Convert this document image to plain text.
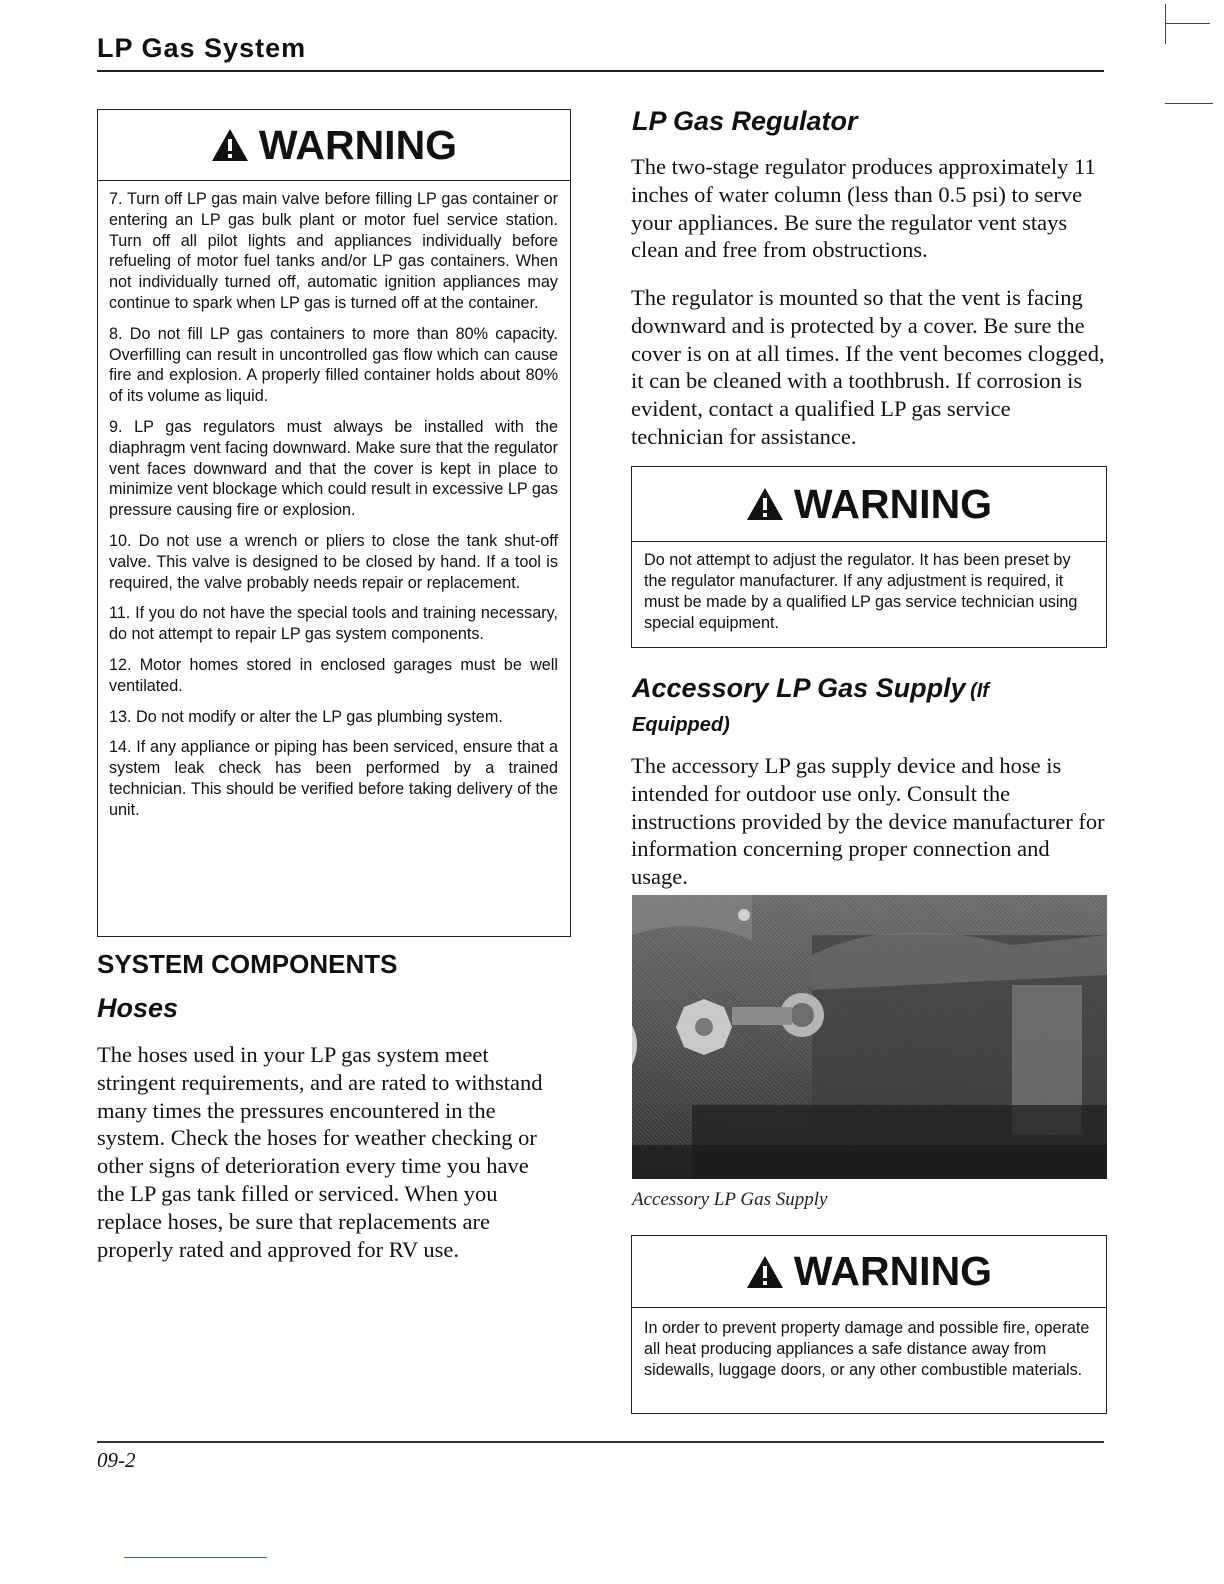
LP Gas System
WARNING

7. Turn off LP gas main valve before filling LP gas container or entering an LP gas bulk plant or motor fuel service station. Turn off all pilot lights and appliances individually before refueling of motor fuel tanks and/or LP gas containers. When not individually turned off, automatic ignition appliances may continue to spark when LP gas is turned off at the container.

8. Do not fill LP gas containers to more than 80% capacity. Overfilling can result in uncontrolled gas flow which can cause fire and explosion. A properly filled container holds about 80% of its volume as liquid.

9. LP gas regulators must always be installed with the diaphragm vent facing downward. Make sure that the regulator vent faces downward and that the cover is kept in place to minimize vent blockage which could result in excessive LP gas pressure causing fire or explosion.

10. Do not use a wrench or pliers to close the tank shut-off valve. This valve is designed to be closed by hand. If a tool is required, the valve probably needs repair or replacement.

11. If you do not have the special tools and training necessary, do not attempt to repair LP gas system components.

12. Motor homes stored in enclosed garages must be well ventilated.

13. Do not modify or alter the LP gas plumbing system.

14. If any appliance or piping has been serviced, ensure that a system leak check has been performed by a trained technician. This should be verified before taking delivery of the unit.

SYSTEM COMPONENTS
Hoses

The hoses used in your LP gas system meet stringent requirements, and are rated to withstand many times the pressures encountered in the system. Check the hoses for weather checking or other signs of deterioration every time you have the LP gas tank filled or serviced. When you replace hoses, be sure that replacements are properly rated and approved for RV use.

LP Gas Regulator

The two-stage regulator produces approximately 11 inches of water column (less than 0.5 psi) to serve your appliances. Be sure the regulator vent stays clean and free from obstructions.

The regulator is mounted so that the vent is facing downward and is protected by a cover. Be sure the cover is on at all times. If the vent becomes clogged, it can be cleaned with a toothbrush. If corrosion is evident, contact a qualified LP gas service technician for assistance.

WARNING

Do not attempt to adjust the regulator. It has been preset by the regulator manufacturer. If any adjustment is required, it must be made by a qualified LP gas service technician using special equipment.

Accessory LP Gas Supply (If Equipped)

The accessory LP gas supply device and hose is intended for outdoor use only. Consult the instructions provided by the device manufacturer for information concerning proper connection and usage.

Accessory LP Gas Supply
WARNING

In order to prevent property damage and possible fire, operate all heat producing appliances a safe distance away from sidewalls, luggage doors, or any other combustible materials.

09-2
